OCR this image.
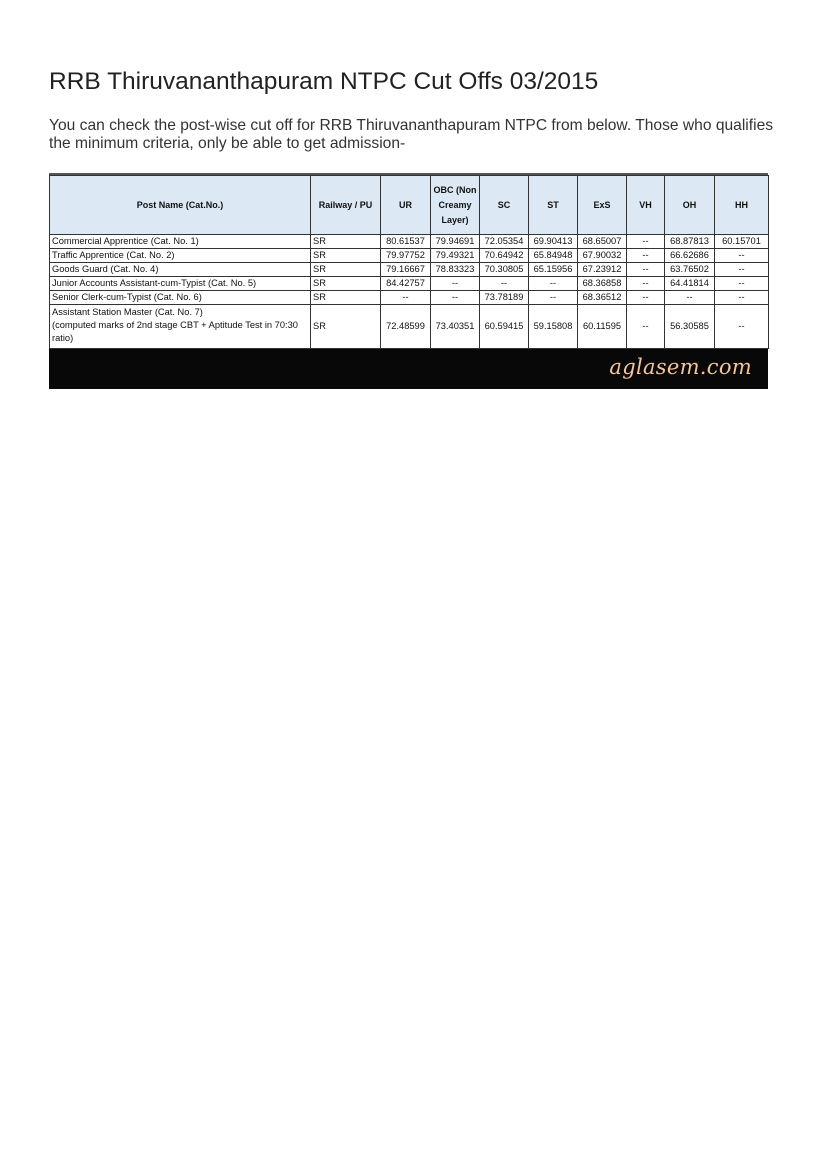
RRB Thiruvananthapuram NTPC Cut Offs 03/2015

You can check the post-wise cut off for RRB Thiruvananthapuram NTPC from below. Those who qualifies the minimum criteria, only be able to get admission-

Post Name (Cat.No.)	Railway / PU	UR	OBC (Non Creamy Layer)	SC	ST	ExS	VH	OH	HH
Commercial Apprentice (Cat. No. 1)	SR	80.61537	79.94691	72.05354	69.90413	68.65007	--	68.87813	60.15701
Traffic Apprentice (Cat. No. 2)	SR	79.97752	79.49321	70.64942	65.84948	67.90032	--	66.62686	--
Goods Guard (Cat. No. 4)	SR	79.16667	78.83323	70.30805	65.15956	67.23912	--	63.76502	--
Junior Accounts Assistant-cum-Typist (Cat. No. 5)	SR	84.42757	--	--	--	68.36858	--	64.41814	--
Senior Clerk-cum-Typist (Cat. No. 6)	SR	--	--	73.78189	--	68.36512	--	--	--
Assistant Station Master (Cat. No. 7)
(computed marks of 2nd stage CBT + Aptitude Test in 70:30 ratio)	SR	72.48599	73.40351	60.59415	59.15808	60.11595	--	56.30585	--
aglasem.com
